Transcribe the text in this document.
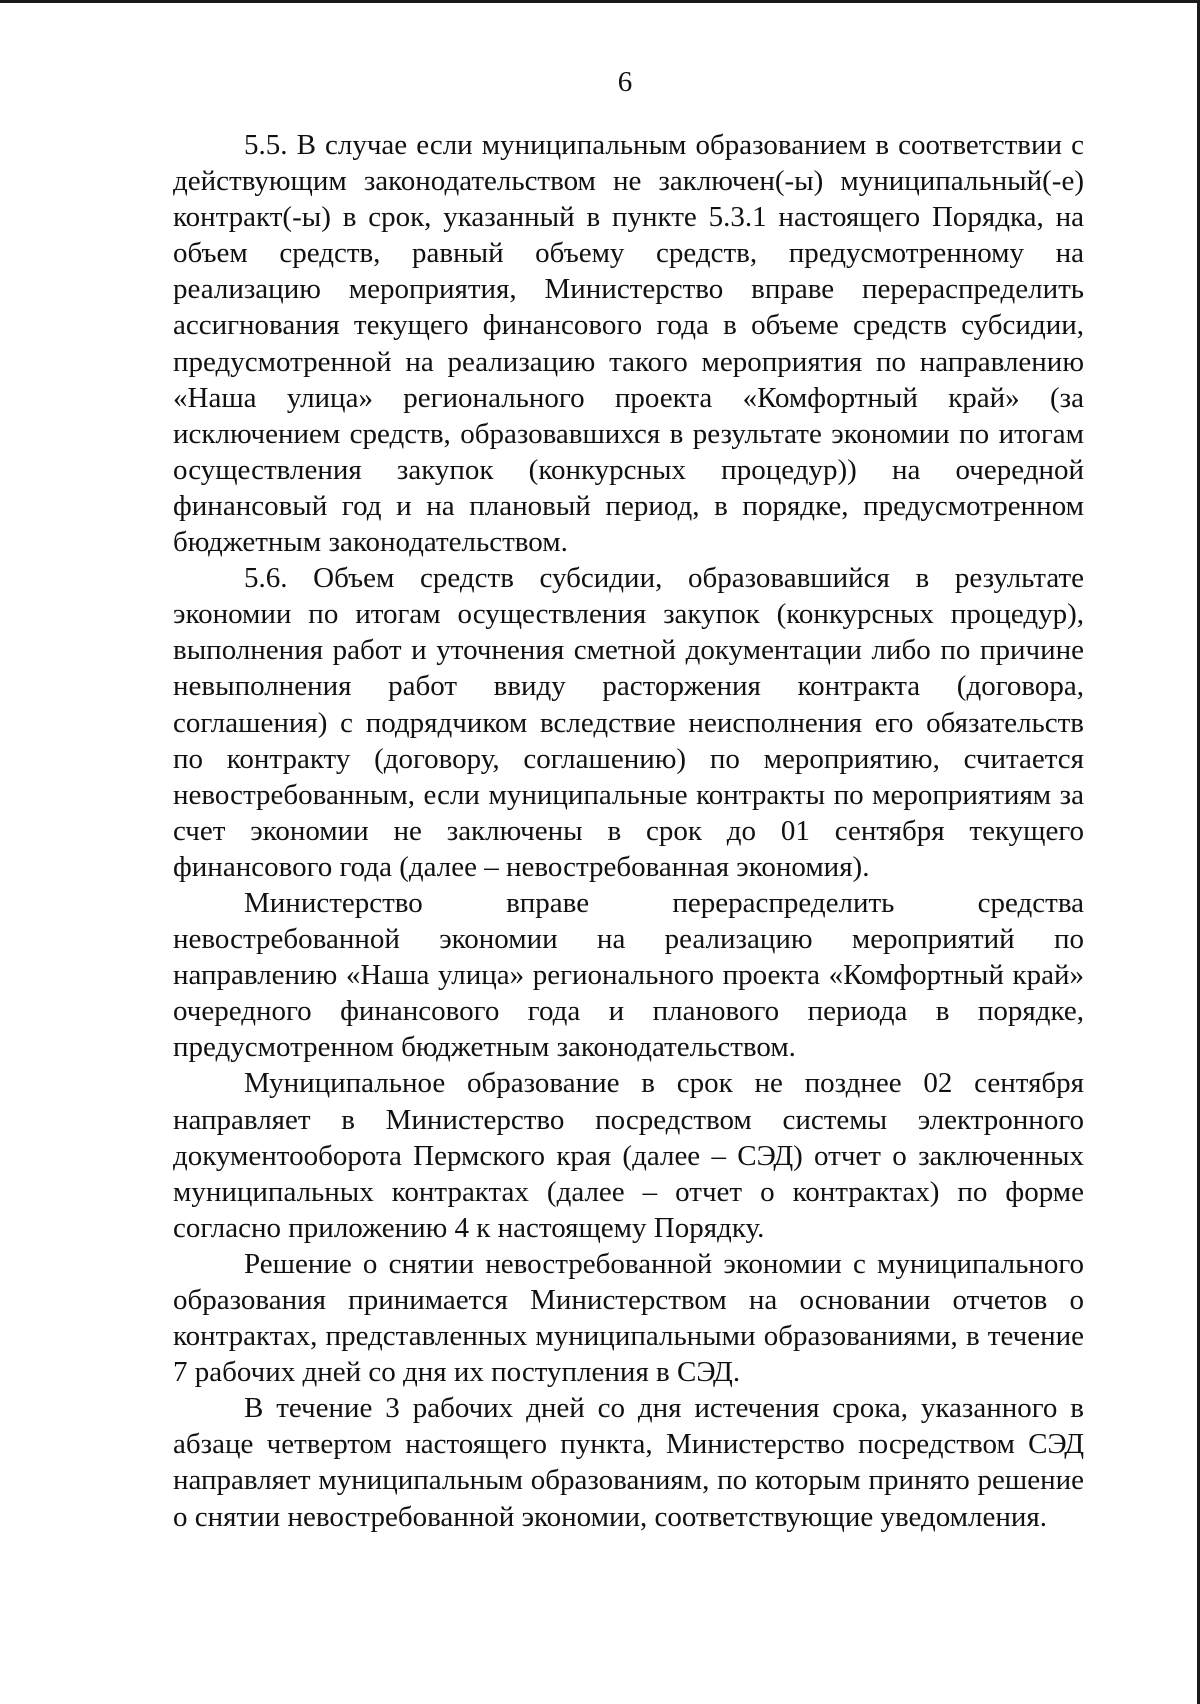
6

5.5. В случае если муниципальным образованием в соответствии с действующим законодательством не заключен(-ы) муниципальный(-е) контракт(-ы) в срок, указанный в пункте 5.3.1 настоящего Порядка, на объем средств, равный объему средств, предусмотренному на реализацию мероприятия, Министерство вправе перераспределить ассигнования текущего финансового года в объеме средств субсидии, предусмотренной на реализацию такого мероприятия по направлению «Наша улица» регионального проекта «Комфортный край» (за исключением средств, образовавшихся в результате экономии по итогам осуществления закупок (конкурсных процедур)) на очередной финансовый год и на плановый период, в порядке, предусмотренном бюджетным законодательством.

5.6. Объем средств субсидии, образовавшийся в результате экономии по итогам осуществления закупок (конкурсных процедур), выполнения работ и уточнения сметной документации либо по причине невыполнения работ ввиду расторжения контракта (договора, соглашения) с подрядчиком вследствие неисполнения его обязательств по контракту (договору, соглашению) по мероприятию, считается невостребованным, если муниципальные контракты по мероприятиям за счет экономии не заключены в срок до 01 сентября текущего финансового года (далее – невостребованная экономия).

Министерство вправе перераспределить средства невостребованной экономии на реализацию мероприятий по направлению «Наша улица» регионального проекта «Комфортный край» очередного финансового года и планового периода в порядке, предусмотренном бюджетным законодательством.

Муниципальное образование в срок не позднее 02 сентября направляет в Министерство посредством системы электронного документооборота Пермского края (далее – СЭД) отчет о заключенных муниципальных контрактах (далее – отчет о контрактах) по форме согласно приложению 4 к настоящему Порядку.

Решение о снятии невостребованной экономии с муниципального образования принимается Министерством на основании отчетов о контрактах, представленных муниципальными образованиями, в течение 7 рабочих дней со дня их поступления в СЭД.

В течение 3 рабочих дней со дня истечения срока, указанного в абзаце четвертом настоящего пункта, Министерство посредством СЭД направляет муниципальным образованиям, по которым принято решение о снятии невостребованной экономии, соответствующие уведомления.
